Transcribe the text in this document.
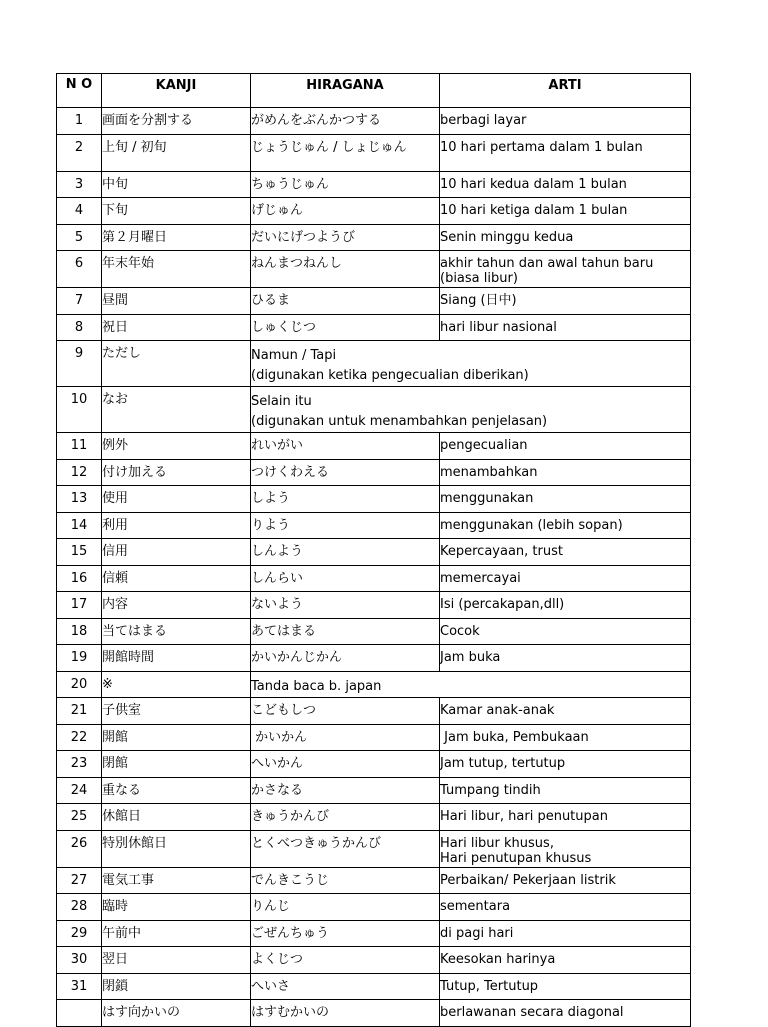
N O	KANJI	HIRAGANA	ARTI
1	画面を分割する	がめんをぶんかつする	berbagi layar
2	上旬 / 初旬	じょうじゅん / しょじゅん	10 hari pertama dalam 1 bulan
3	中旬	ちゅうじゅん	10 hari kedua dalam 1 bulan
4	下旬	げじゅん	10 hari ketiga dalam 1 bulan
5	第２月曜日	だいにげつようび	Senin minggu kedua
6	年末年始	ねんまつねんし	akhir tahun dan awal tahun baru  (biasa libur)
7	昼間	ひるま	Siang (日中)
8	祝日	しゅくじつ	hari libur nasional
9	ただし	Namun / Tapi
(digunakan ketika pengecualian diberikan)	

10	なお	Selain itu
(digunakan untuk menambahkan penjelasan)	

11	例外	れいがい	pengecualian
12	付け加える	つけくわえる	menambahkan
13	使用	しよう	menggunakan
14	利用	りよう	menggunakan (lebih sopan)
15	信用	しんよう	Kepercayaan, trust
16	信頼	しんらい	memercayai
17	内容	ないよう	Isi (percakapan,dll)
18	当てはまる	あてはまる	Cocok
19	開館時間	かいかんじかん	Jam buka
20	※	Tanda baca b. japan	

21	子供室	こどもしつ	Kamar anak-anak
22	開館	かいかん	Jam buka, Pembukaan
23	閉館	へいかん	Jam tutup, tertutup
24	重なる	かさなる	Tumpang tindih
25	休館日	きゅうかんび	Hari libur, hari penutupan
26	特別休館日	とくべつきゅうかんび	Hari libur khusus,
Hari penutupan khusus

27	電気工事	でんきこうじ	Perbaikan/ Pekerjaan listrik
28	臨時	りんじ	sementara
29	午前中	ごぜんちゅう	di pagi hari
30	翌日	よくじつ	Keesokan harinya
31	閉鎖	へいさ	Tutup, Tertutup
	はす向かいの	はすむかいの	berlawanan secara diagonal
